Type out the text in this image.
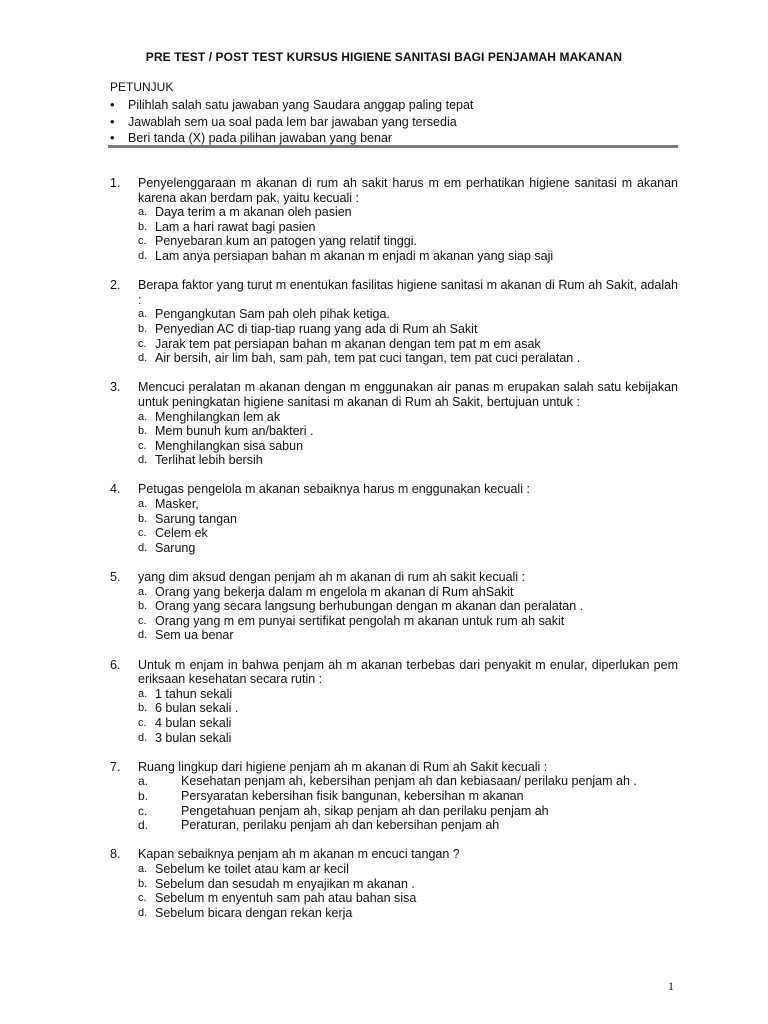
PRE TEST / POST TEST KURSUS HIGIENE SANITASI BAGI PENJAMAH MAKANAN
PETUNJUK
• Pilihlah salah satu jawaban yang Saudara anggap paling tepat
• Jawablah sem ua soal pada lem bar jawaban yang tersedia
• Beri tanda (X) pada pilihan jawaban yang benar
1.	Penyelenggaraan m akanan di rum ah sakit harus m em perhatikan higiene sanitasi m akanan karena akan berdam pak, yaitu kecuali :
a. Daya terim a m akanan oleh pasien
b. Lam a hari rawat bagi pasien
c. Penyebaran kum an patogen yang relatif tinggi.
d. Lam anya persiapan bahan m akanan m enjadi m akanan yang siap saji
2.	Berapa faktor yang turut m enentukan fasilitas higiene sanitasi m akanan di Rum ah Sakit, adalah :
a. Pengangkutan Sam pah oleh pihak ketiga.
b. Penyedian AC di tiap-tiap ruang yang ada di Rum ah Sakit
c. Jarak tem pat persiapan bahan m akanan dengan tem pat m em asak
d. Air bersih, air lim bah, sam pah, tem pat cuci tangan, tem pat cuci peralatan .
3.	Mencuci peralatan m akanan dengan m enggunakan air panas m erupakan salah satu kebijakan untuk peningkatan higiene sanitasi m akanan di Rum ah Sakit, bertujuan untuk :
a. Menghilangkan lem ak
b. Mem bunuh kum an/bakteri .
c. Menghilangkan sisa sabun
d. Terlihat lebih bersih
4.	Petugas pengelola m akanan sebaiknya harus m enggunakan kecuali :
a. Masker,
b. Sarung tangan
c. Celem ek
d. Sarung
5.	yang dim aksud dengan penjam ah m akanan di rum ah sakit kecuali :
a. Orang yang bekerja dalam m engelola m akanan di Rum ahSakit
b. Orang yang secara langsung berhubungan dengan m akanan dan peralatan .
c. Orang yang m em punyai sertifikat pengolah m akanan untuk rum ah sakit
d. Sem ua benar
6.	Untuk m enjam in bahwa penjam ah m akanan terbebas dari penyakit m enular, diperlukan pem eriksaan kesehatan secara rutin :
a. 1 tahun sekali
b. 6 bulan sekali .
c. 4 bulan sekali
d. 3 bulan sekali
7.	Ruang lingkup dari higiene penjam ah m akanan di Rum ah Sakit kecuali :
a.	Kesehatan penjam ah, kebersihan penjam ah dan kebiasaan/ perilaku penjam ah .
b.	Persyaratan kebersihan fisik bangunan, kebersihan m akanan
c.	Pengetahuan penjam ah, sikap penjam ah dan perilaku penjam ah
d.	Peraturan, perilaku penjam ah dan kebersihan penjam ah
8.	Kapan sebaiknya penjam ah m akanan m encuci tangan ?
a. Sebelum ke toilet atau kam ar kecil
b. Sebelum dan sesudah m enyajikan m akanan .
c. Sebelum m enyentuh sam pah atau bahan sisa
d. Sebelum bicara dengan rekan kerja
1
